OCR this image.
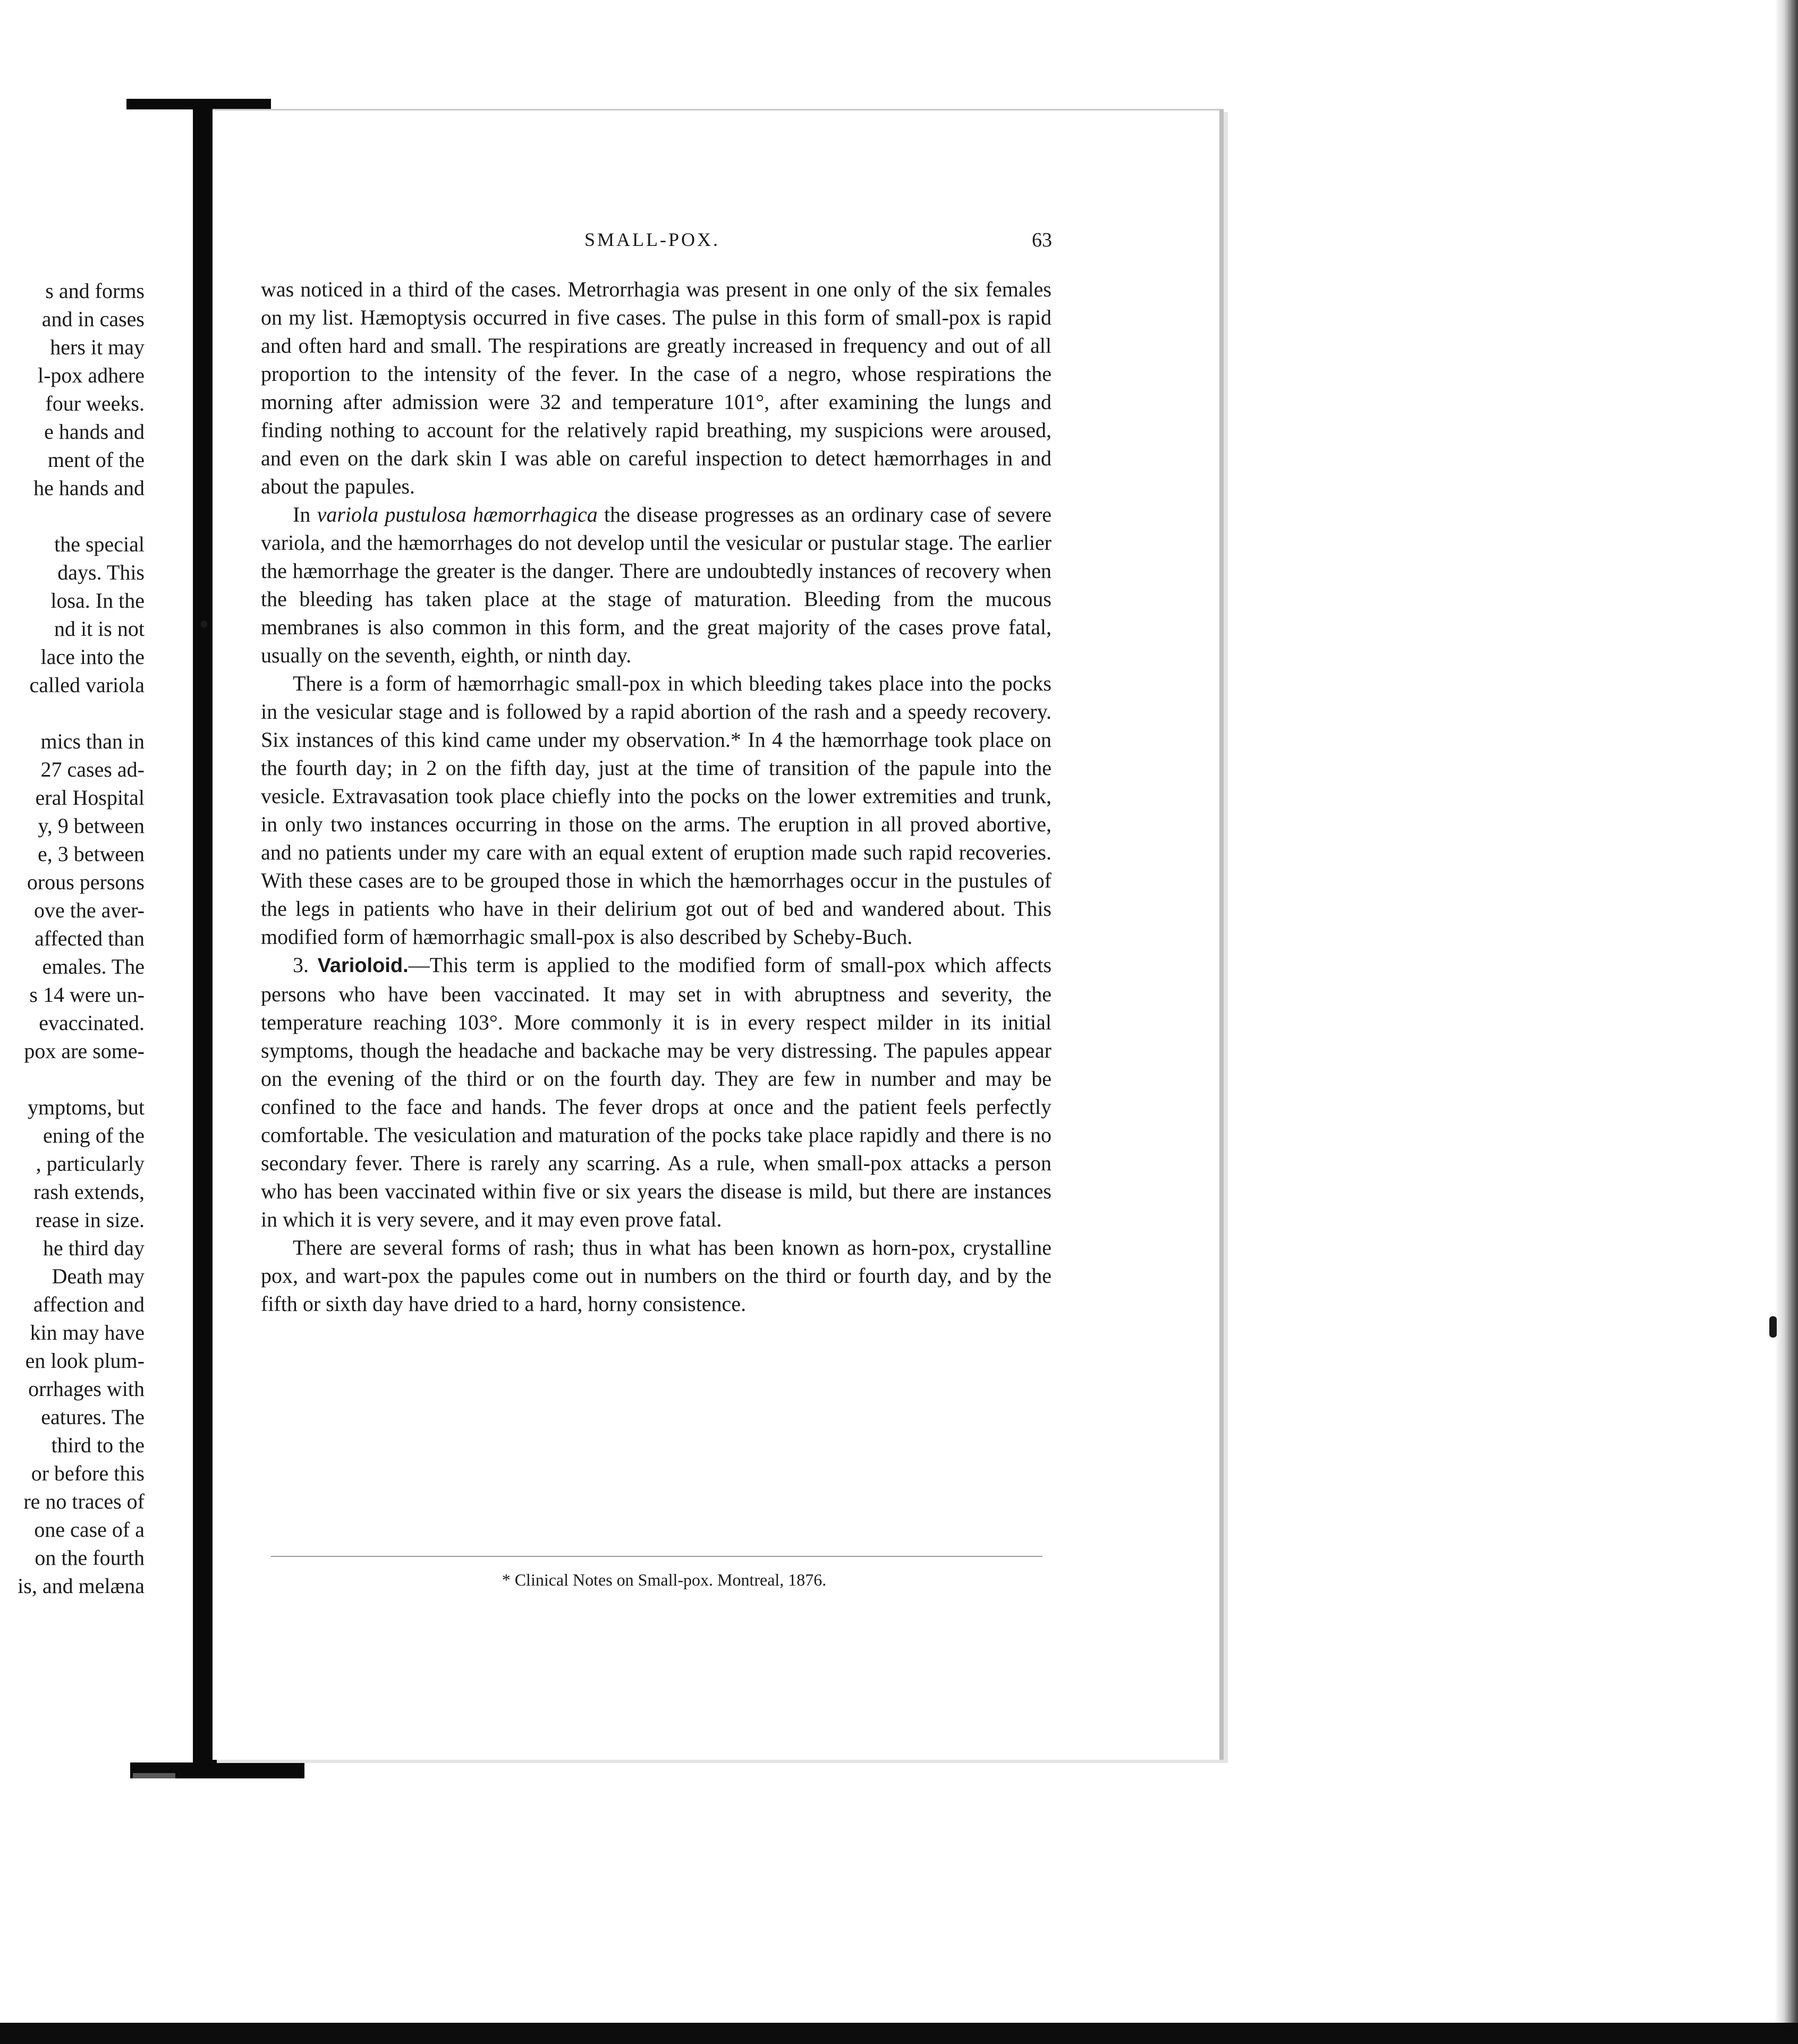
s and forms
and in cases
hers it may
l-pox adhere
four weeks.
e hands and
ment of the
he hands and
the special
days. This
losa. In the
nd it is not
lace into the
called variola
mics than in
27 cases ad-
eral Hospital
y, 9 between
e, 3 between
orous persons
ove the aver-
affected than
emales. The
s 14 were un-
evaccinated.
pox are some-
ymptoms, but
ening of the
, particularly
rash extends,
rease in size.
he third day
Death may
affection and
kin may have
en look plum-
orrhages with
eatures. The
third to the
or before this
re no traces of
one case of a
on the fourth
is, and melæna
SMALL-POX.	63

was noticed in a third of the cases. Metrorrhagia was present in one only of the six females on my list. Hæmoptysis occurred in five cases. The pulse in this form of small-pox is rapid and often hard and small. The respirations are greatly increased in frequency and out of all proportion to the intensity of the fever. In the case of a negro, whose respirations the morning after admission were 32 and temperature 101°, after examining the lungs and finding nothing to account for the relatively rapid breathing, my suspicions were aroused, and even on the dark skin I was able on careful inspection to detect hæmorrhages in and about the papules.

In variola pustulosa hæmorrhagica the disease progresses as an ordinary case of severe variola, and the hæmorrhages do not develop until the vesicular or pustular stage. The earlier the hæmorrhage the greater is the danger. There are undoubtedly instances of recovery when the bleeding has taken place at the stage of maturation. Bleeding from the mucous membranes is also common in this form, and the great majority of the cases prove fatal, usually on the seventh, eighth, or ninth day.

There is a form of hæmorrhagic small-pox in which bleeding takes place into the pocks in the vesicular stage and is followed by a rapid abortion of the rash and a speedy recovery. Six instances of this kind came under my observation.* In 4 the hæmorrhage took place on the fourth day; in 2 on the fifth day, just at the time of transition of the papule into the vesicle. Extravasation took place chiefly into the pocks on the lower extremities and trunk, in only two instances occurring in those on the arms. The eruption in all proved abortive, and no patients under my care with an equal extent of eruption made such rapid recoveries. With these cases are to be grouped those in which the hæmorrhages occur in the pustules of the legs in patients who have in their delirium got out of bed and wandered about. This modified form of hæmorrhagic small-pox is also described by Scheby-Buch.

3. Varioloid.—This term is applied to the modified form of small-pox which affects persons who have been vaccinated. It may set in with abruptness and severity, the temperature reaching 103°. More commonly it is in every respect milder in its initial symptoms, though the headache and backache may be very distressing. The papules appear on the evening of the third or on the fourth day. They are few in number and may be confined to the face and hands. The fever drops at once and the patient feels perfectly comfortable. The vesiculation and maturation of the pocks take place rapidly and there is no secondary fever. There is rarely any scarring. As a rule, when small-pox attacks a person who has been vaccinated within five or six years the disease is mild, but there are instances in which it is very severe, and it may even prove fatal.

There are several forms of rash; thus in what has been known as horn-pox, crystalline pox, and wart-pox the papules come out in numbers on the third or fourth day, and by the fifth or sixth day have dried to a hard, horny consistence.

* Clinical Notes on Small-pox. Montreal, 1876.
